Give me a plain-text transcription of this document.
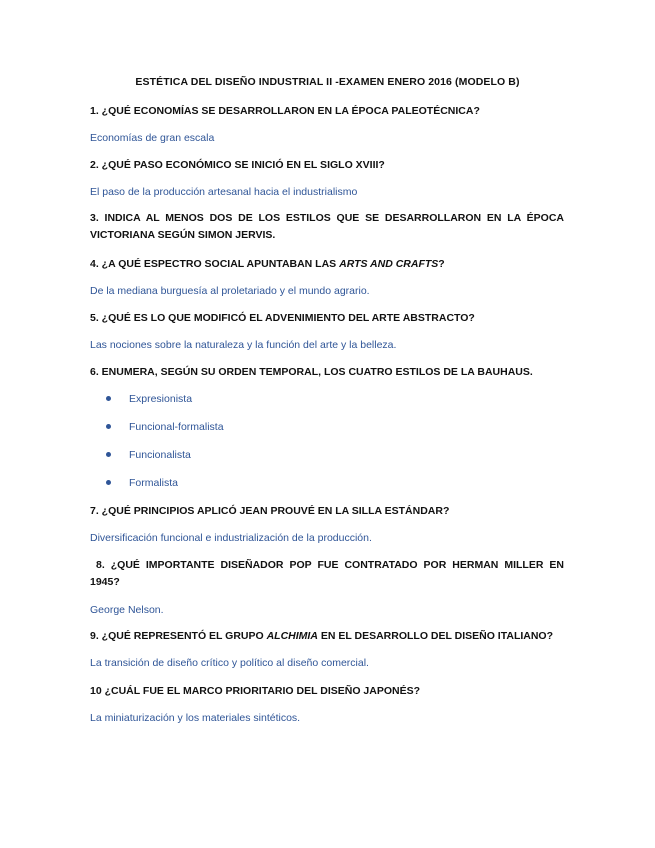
ESTÉTICA DEL DISEÑO INDUSTRIAL II -EXAMEN ENERO 2016 (MODELO B)
1. ¿QUÉ ECONOMÍAS SE DESARROLLARON EN LA ÉPOCA PALEOTÉCNICA?
Economías de gran escala
2. ¿QUÉ PASO ECONÓMICO SE INICIÓ EN EL SIGLO XVIII?
El paso de la producción artesanal hacia el industrialismo
3. INDICA AL MENOS DOS DE LOS ESTILOS QUE SE DESARROLLARON EN LA ÉPOCA VICTORIANA SEGÚN SIMON JERVIS.
4. ¿A QUÉ ESPECTRO SOCIAL APUNTABAN LAS ARTS AND CRAFTS?
De la mediana burguesía al proletariado y el mundo agrario.
5. ¿QUÉ ES LO QUE MODIFICÓ EL ADVENIMIENTO DEL ARTE ABSTRACTO?
Las nociones sobre la naturaleza y la función del arte y la belleza.
6. ENUMERA, SEGÚN SU ORDEN TEMPORAL, LOS CUATRO ESTILOS DE LA BAUHAUS.
Expresionista
Funcional-formalista
Funcionalista
Formalista
7. ¿QUÉ PRINCIPIOS APLICÓ JEAN PROUVÉ EN LA SILLA ESTÁNDAR?
Diversificación funcional e industrialización de la producción.
8. ¿QUÉ IMPORTANTE DISEÑADOR POP FUE CONTRATADO POR HERMAN MILLER EN 1945?
George Nelson.
9. ¿QUÉ REPRESENTÓ EL GRUPO ALCHIMIA EN EL DESARROLLO DEL DISEÑO ITALIANO?
La transición de diseño crítico y político al diseño comercial.
10 ¿CUÁL FUE EL MARCO PRIORITARIO DEL DISEÑO JAPONÉS?
La miniaturización y los materiales sintéticos.
